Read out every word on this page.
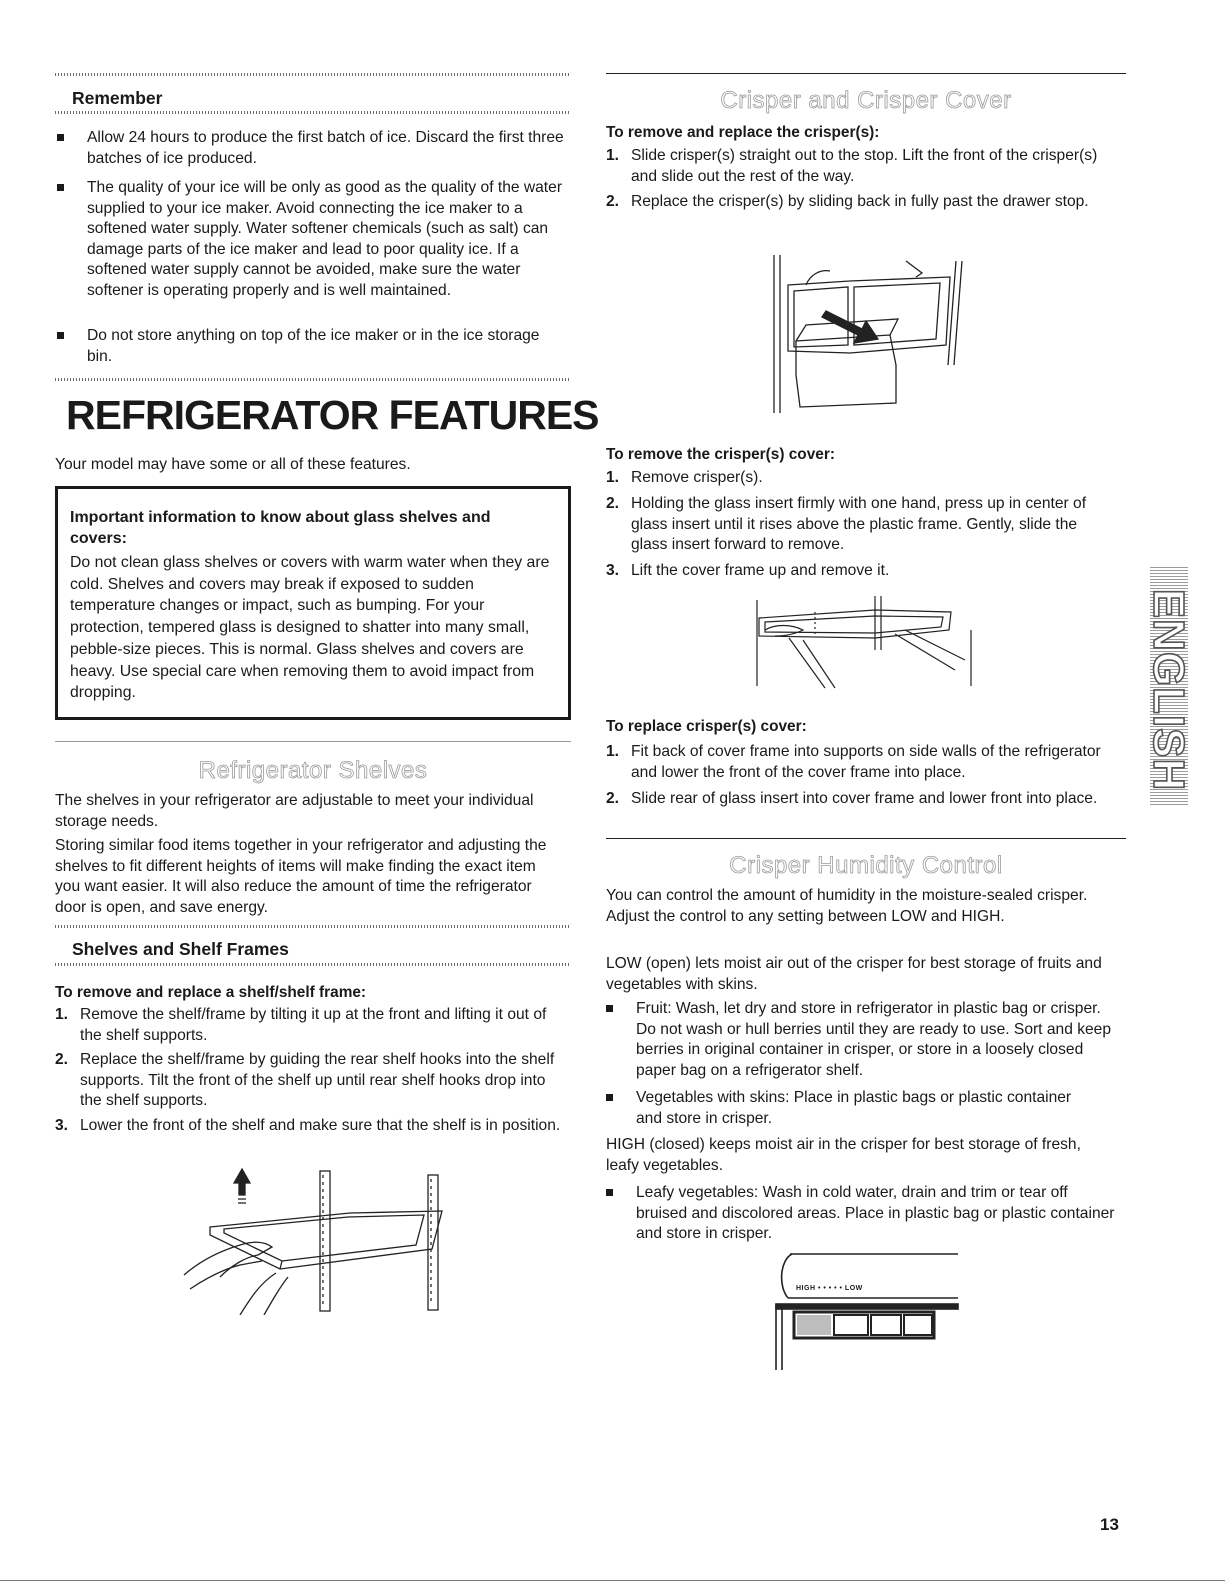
Remember
Allow 24 hours to produce the first batch of ice. Discard the first three batches of ice produced.
The quality of your ice will be only as good as the quality of the water supplied to your ice maker. Avoid connecting the ice maker to a softened water supply. Water softener chemicals (such as salt) can damage parts of the ice maker and lead to poor quality ice. If a softened water supply cannot be avoided, make sure the water softener is operating properly and is well maintained.
Do not store anything on top of the ice maker or in the ice storage bin.
REFRIGERATOR FEATURES

Your model may have some or all of these features.

Important information to know about glass shelves and covers:
Do not clean glass shelves or covers with warm water when they are cold. Shelves and covers may break if exposed to sudden temperature changes or impact, such as bumping. For your protection, tempered glass is designed to shatter into many small, pebble-size pieces. This is normal. Glass shelves and covers are heavy. Use special care when removing them to avoid impact from dropping.
Refrigerator Shelves

The shelves in your refrigerator are adjustable to meet your individual storage needs.

Storing similar food items together in your refrigerator and adjusting the shelves to fit different heights of items will make finding the exact item you want easier. It will also reduce the amount of time the refrigerator door is open, and save energy.

Shelves and Shelf Frames
To remove and replace a shelf/shelf frame:
1. Remove the shelf/frame by tilting it up at the front and lifting it out of the shelf supports.
2. Replace the shelf/frame by guiding the rear shelf hooks into the shelf supports. Tilt the front of the shelf up until rear shelf hooks drop into the shelf supports.
3. Lower the front of the shelf and make sure that the shelf is in position.
Crisper and Crisper Cover
To remove and replace the crisper(s):
1. Slide crisper(s) straight out to the stop. Lift the front of the crisper(s) and slide out the rest of the way.
2. Replace the crisper(s) by sliding back in fully past the drawer stop.
To remove the crisper(s) cover:
1. Remove crisper(s).
2. Holding the glass insert firmly with one hand, press up in center of glass insert until it rises above the plastic frame. Gently, slide the glass insert forward to remove.
3. Lift the cover frame up and remove it.
To replace crisper(s) cover:
1. Fit back of cover frame into supports on side walls of the refrigerator and lower the front of the cover frame into place.
2. Slide rear of glass insert into cover frame and lower front into place.
Crisper Humidity Control

You can control the amount of humidity in the moisture-sealed crisper. Adjust the control to any setting between LOW and HIGH.

LOW (open) lets moist air out of the crisper for best storage of fruits and vegetables with skins.

Fruit: Wash, let dry and store in refrigerator in plastic bag or crisper. Do not wash or hull berries until they are ready to use. Sort and keep berries in original container in crisper, or store in a loosely closed paper bag on a refrigerator shelf.
Vegetables with skins: Place in plastic bags or plastic container and store in crisper.

HIGH (closed) keeps moist air in the crisper for best storage of fresh, leafy vegetables.

Leafy vegetables: Wash in cold water, drain and trim or tear off bruised and discolored areas. Place in plastic bag or plastic container and store in crisper.
HIGH • • • • • LOW
ENGLISH
13
